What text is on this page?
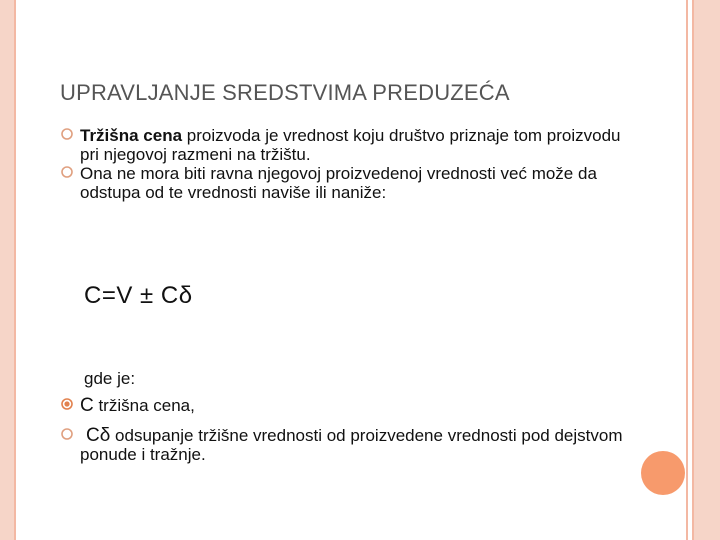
UPRAVLJANJE SREDSTVIMA PREDUZEĆA
Tržišna cena proizvoda je vrednost koju društvo priznaje tom proizvodu pri njegovoj razmeni na tržištu.
Ona ne mora biti ravna njegovoj proizvedenoj vrednosti već može da odstupa od te vrednosti naviše ili naniže:
C=V ± Cδ
gde je:
C tržišna cena,
Cδ odsupanje tržišne vrednosti od proizvedene vrednosti pod dejstvom ponude i tražnje.
